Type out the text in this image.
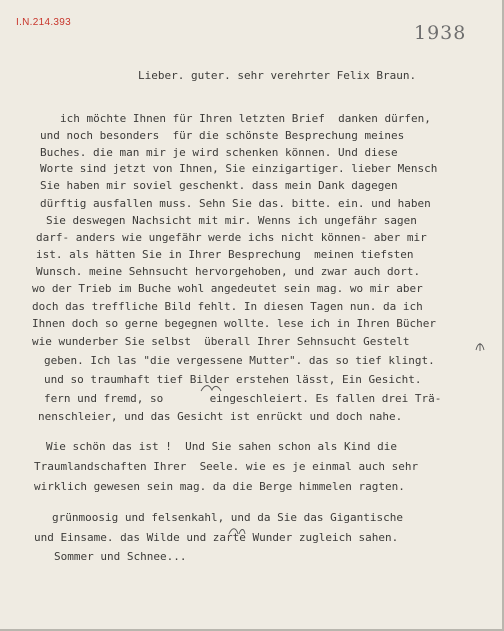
I.N.214.393	1938
Lieber. guter. sehr verehrter Felix Braun.
ich möchte Ihnen für Ihren letzten Brief  danken dürfen,
und noch besonders  für die schönste Besprechung meines
Buches. die man mir je wird schenken können. Und diese
Worte sind jetzt von Ihnen, Sie einzigartiger. lieber Mensch
Sie haben mir soviel geschenkt. dass mein Dank dagegen
dürftig ausfallen muss. Sehn Sie das. bitte. ein. und haben
Sie deswegen Nachsicht mit mir. Wenns ich ungefähr sagen
darf- anders wie ungefähr werde ichs nicht können- aber mir
ist. als hätten Sie in Ihrer Besprechung  meinen tiefsten
Wunsch. meine Sehnsucht hervorgehoben, und zwar auch dort.
wo der Trieb im Buche wohl angedeutet sein mag. wo mir aber
doch das treffliche Bild fehlt. In diesen Tagen nun. da ich
Ihnen doch so gerne begegnen wollte. lese ich in Ihren Bücher
wie wunderber Sie selbst  überall Ihrer Sehnsucht Gestelt
geben. Ich las "die vergessene Mutter". das so tief klingt.
und so traumhaft tief Bilder erstehen lässt, Ein Gesicht.
fern und fremd, so       eingeschleiert. Es fallen drei Trä-
nenschleier, und das Gesicht ist enrückt und doch nahe.
Wie schön das ist !  Und Sie sahen schon als Kind die
Traumlandschaften Ihrer  Seele. wie es je einmal auch sehr
wirklich gewesen sein mag. da die Berge himmelen ragten.
grünmoosig und felsenkahl, und da Sie das Gigantische
und Einsame. das Wilde und zarte Wunder zugleich sahen.
Sommer und Schnee...
